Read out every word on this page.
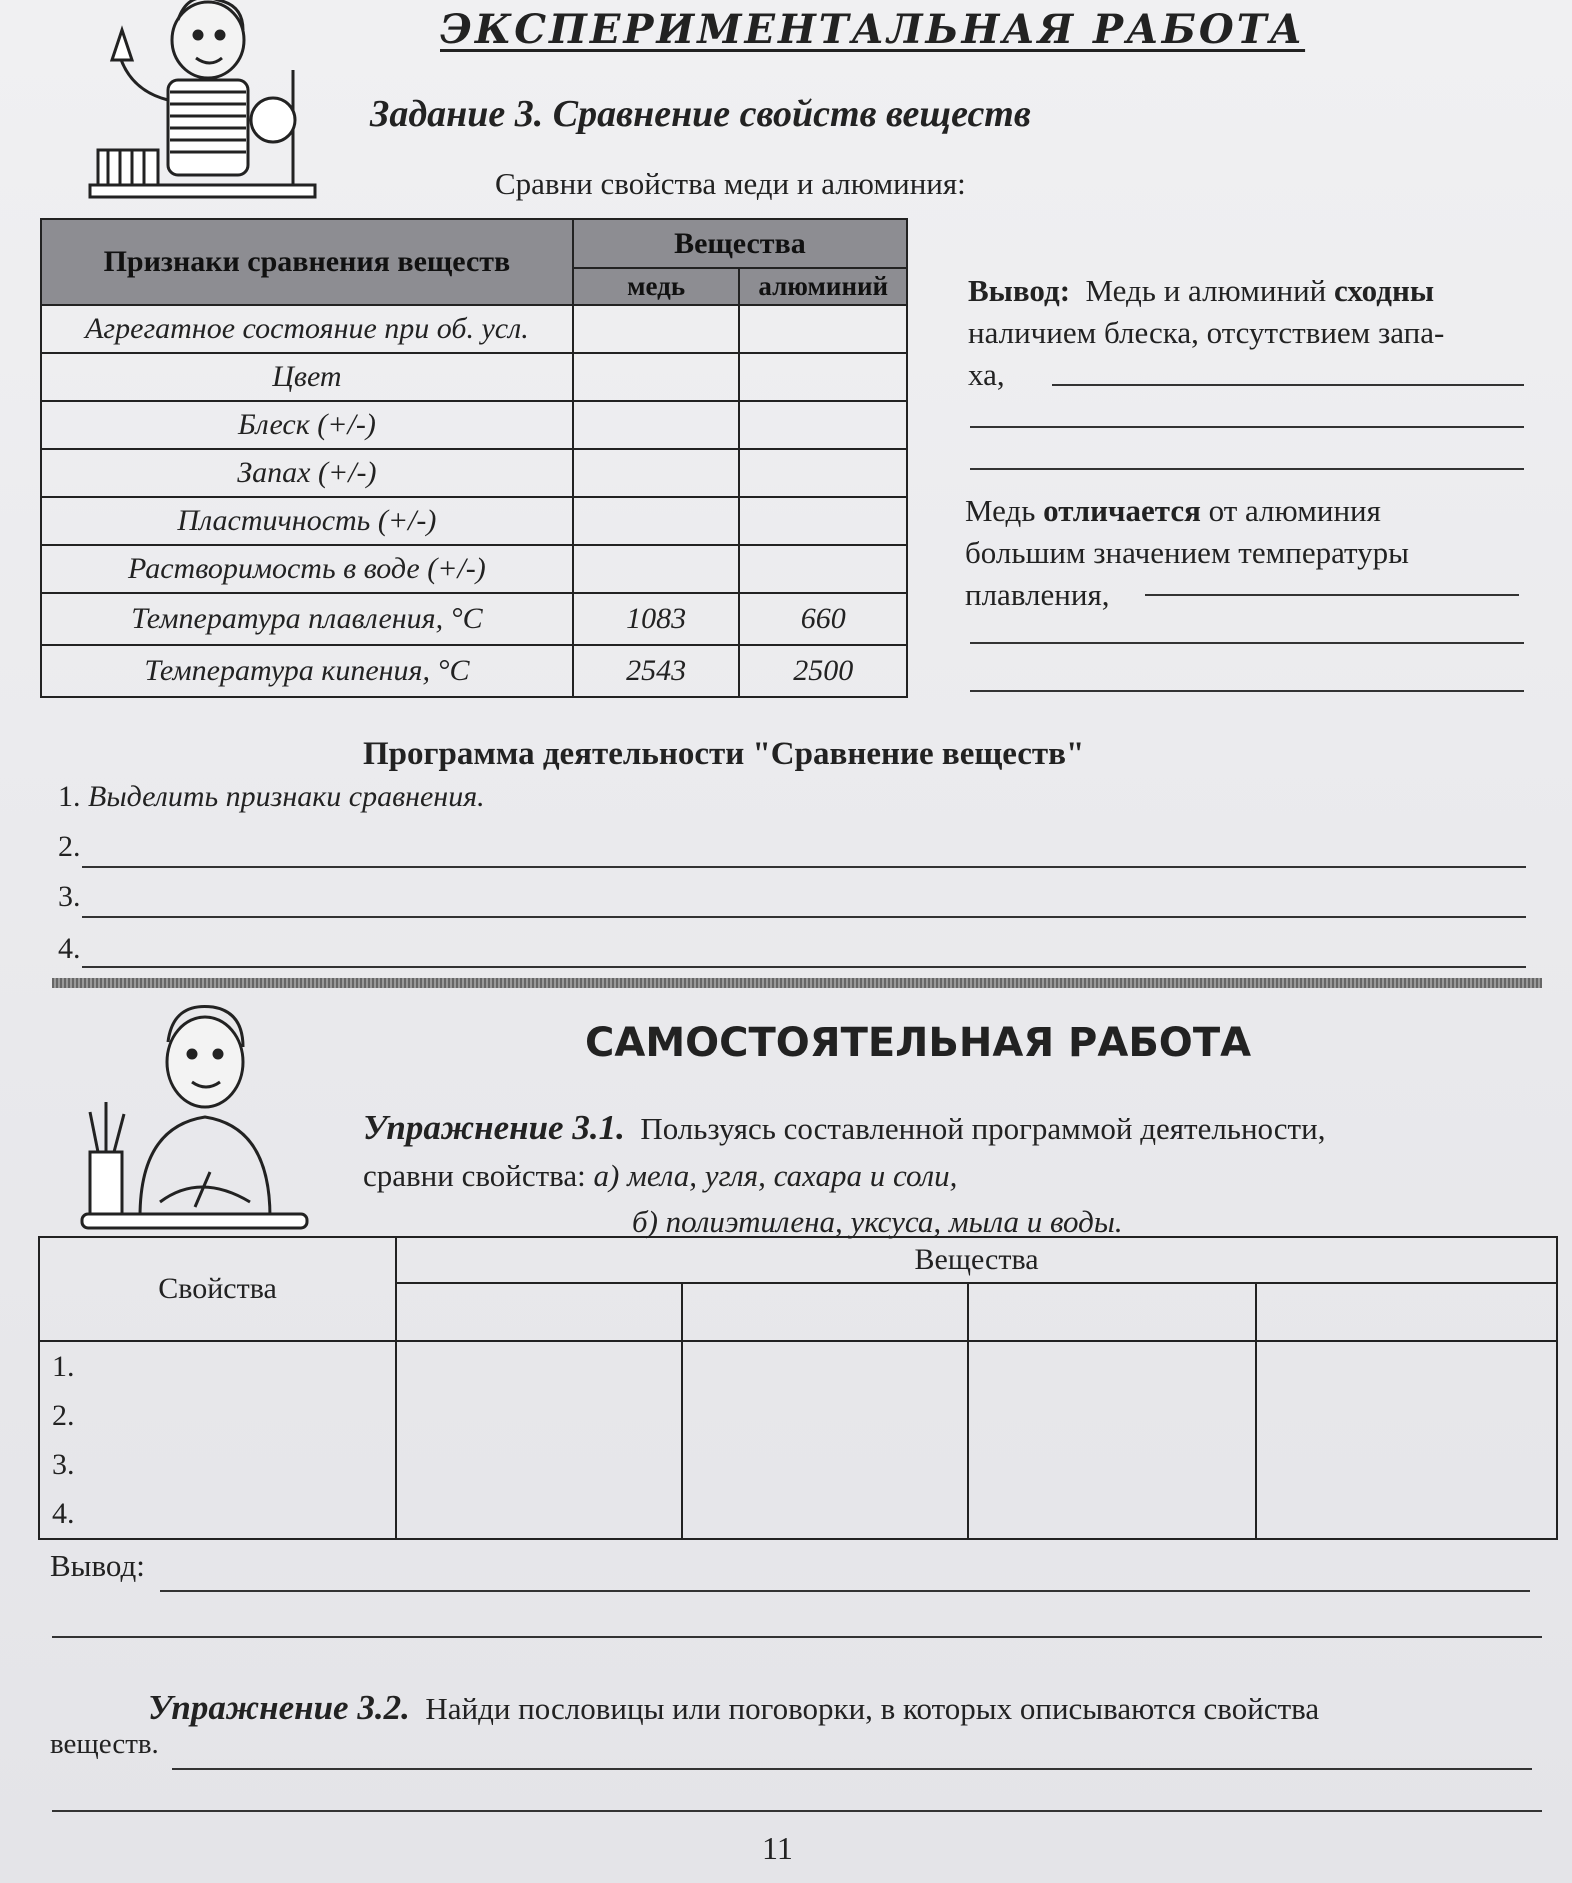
ЭКСПЕРИМЕНТАЛЬНАЯ РАБОТА
Задание 3. Сравнение свойств веществ
Сравни свойства меди и алюминия:
Признаки сравнения веществ	Вещества	
	медь	алюминий
Агрегатное состояние при об. усл.		
Цвет		
Блеск (+/-)		
Запах (+/-)		
Пластичность (+/-)		
Растворимость в воде (+/-)		
Температура плавления, °С	1083	660
Температура кипения, °С	2543	2500
Вывод: Медь и алюминий сходны
наличием блеска, отсутствием запа-
ха,
Медь отличается от алюминия
большим значением температуры
плавления,
Программа деятельности "Сравнение веществ"
1. Выделить признаки сравнения.
2.
3.
4.
САМОСТОЯТЕЛЬНАЯ РАБОТА
Упражнение 3.1. Пользуясь составленной программой деятельности,
сравни свойства: а) мела, угля, сахара и соли,
б) полиэтилена, уксуса, мыла и воды.
Свойства	Вещества			

1.
2.
3.
4.				

Вывод:
Упражнение 3.2. Найди пословицы или поговорки, в которых описываются свойства
веществ.
11
